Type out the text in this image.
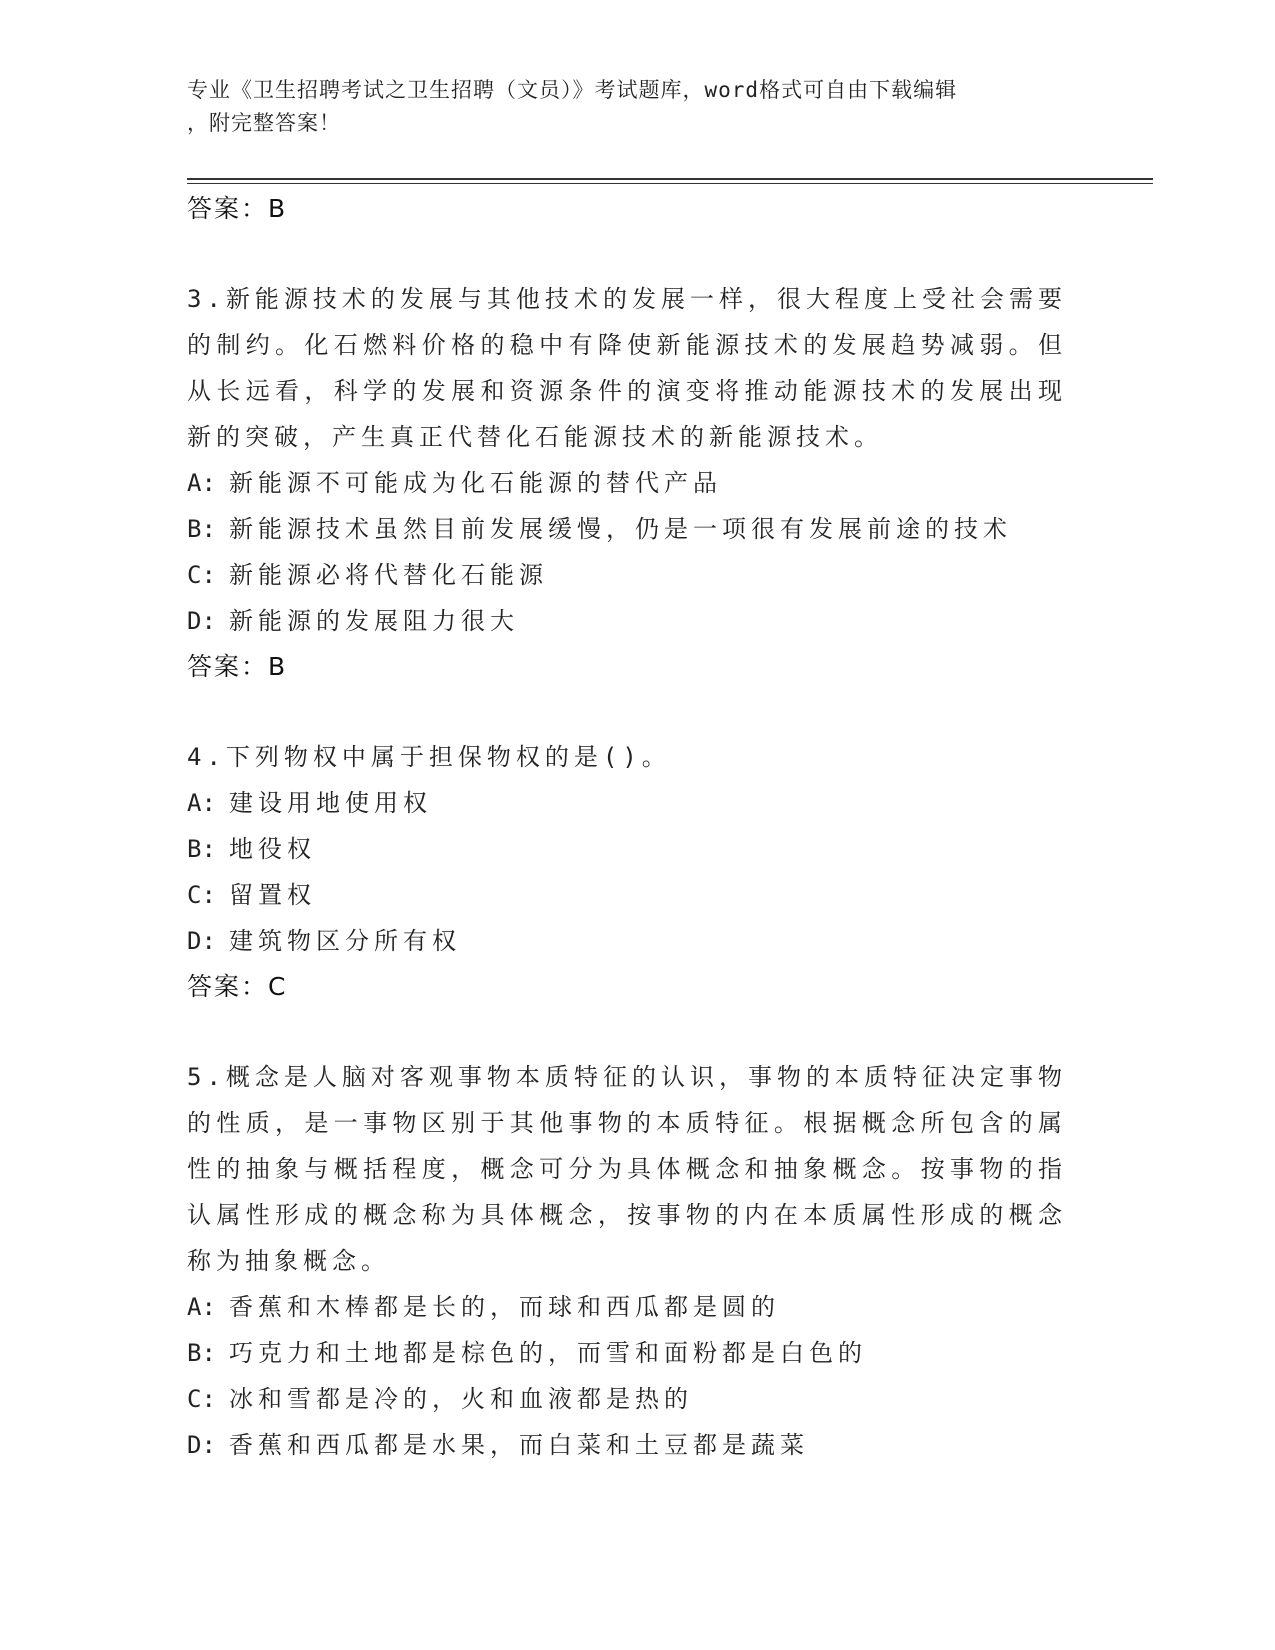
专业《卫生招聘考试之卫生招聘（文员）》考试题库，word格式可自由下载编辑
，附完整答案！
答案：B
3.新能源技术的发展与其他技术的发展一样，很大程度上受社会需要的制约。化石燃料价格的稳中有降使新能源技术的发展趋势减弱。但从长远看，科学的发展和资源条件的演变将推动能源技术的发展出现新的突破，产生真正代替化石能源技术的新能源技术。
A: 新能源不可能成为化石能源的替代产品
B: 新能源技术虽然目前发展缓慢，仍是一项很有发展前途的技术
C: 新能源必将代替化石能源
D: 新能源的发展阻力很大
答案：B
4.下列物权中属于担保物权的是()。
A: 建设用地使用权
B: 地役权
C: 留置权
D: 建筑物区分所有权
答案：C
5.概念是人脑对客观事物本质特征的认识，事物的本质特征决定事物的性质，是一事物区别于其他事物的本质特征。根据概念所包含的属性的抽象与概括程度，概念可分为具体概念和抽象概念。按事物的指认属性形成的概念称为具体概念，按事物的内在本质属性形成的概念称为抽象概念。
A: 香蕉和木棒都是长的，而球和西瓜都是圆的
B: 巧克力和土地都是棕色的，而雪和面粉都是白色的
C: 冰和雪都是冷的，火和血液都是热的
D: 香蕉和西瓜都是水果，而白菜和土豆都是蔬菜
